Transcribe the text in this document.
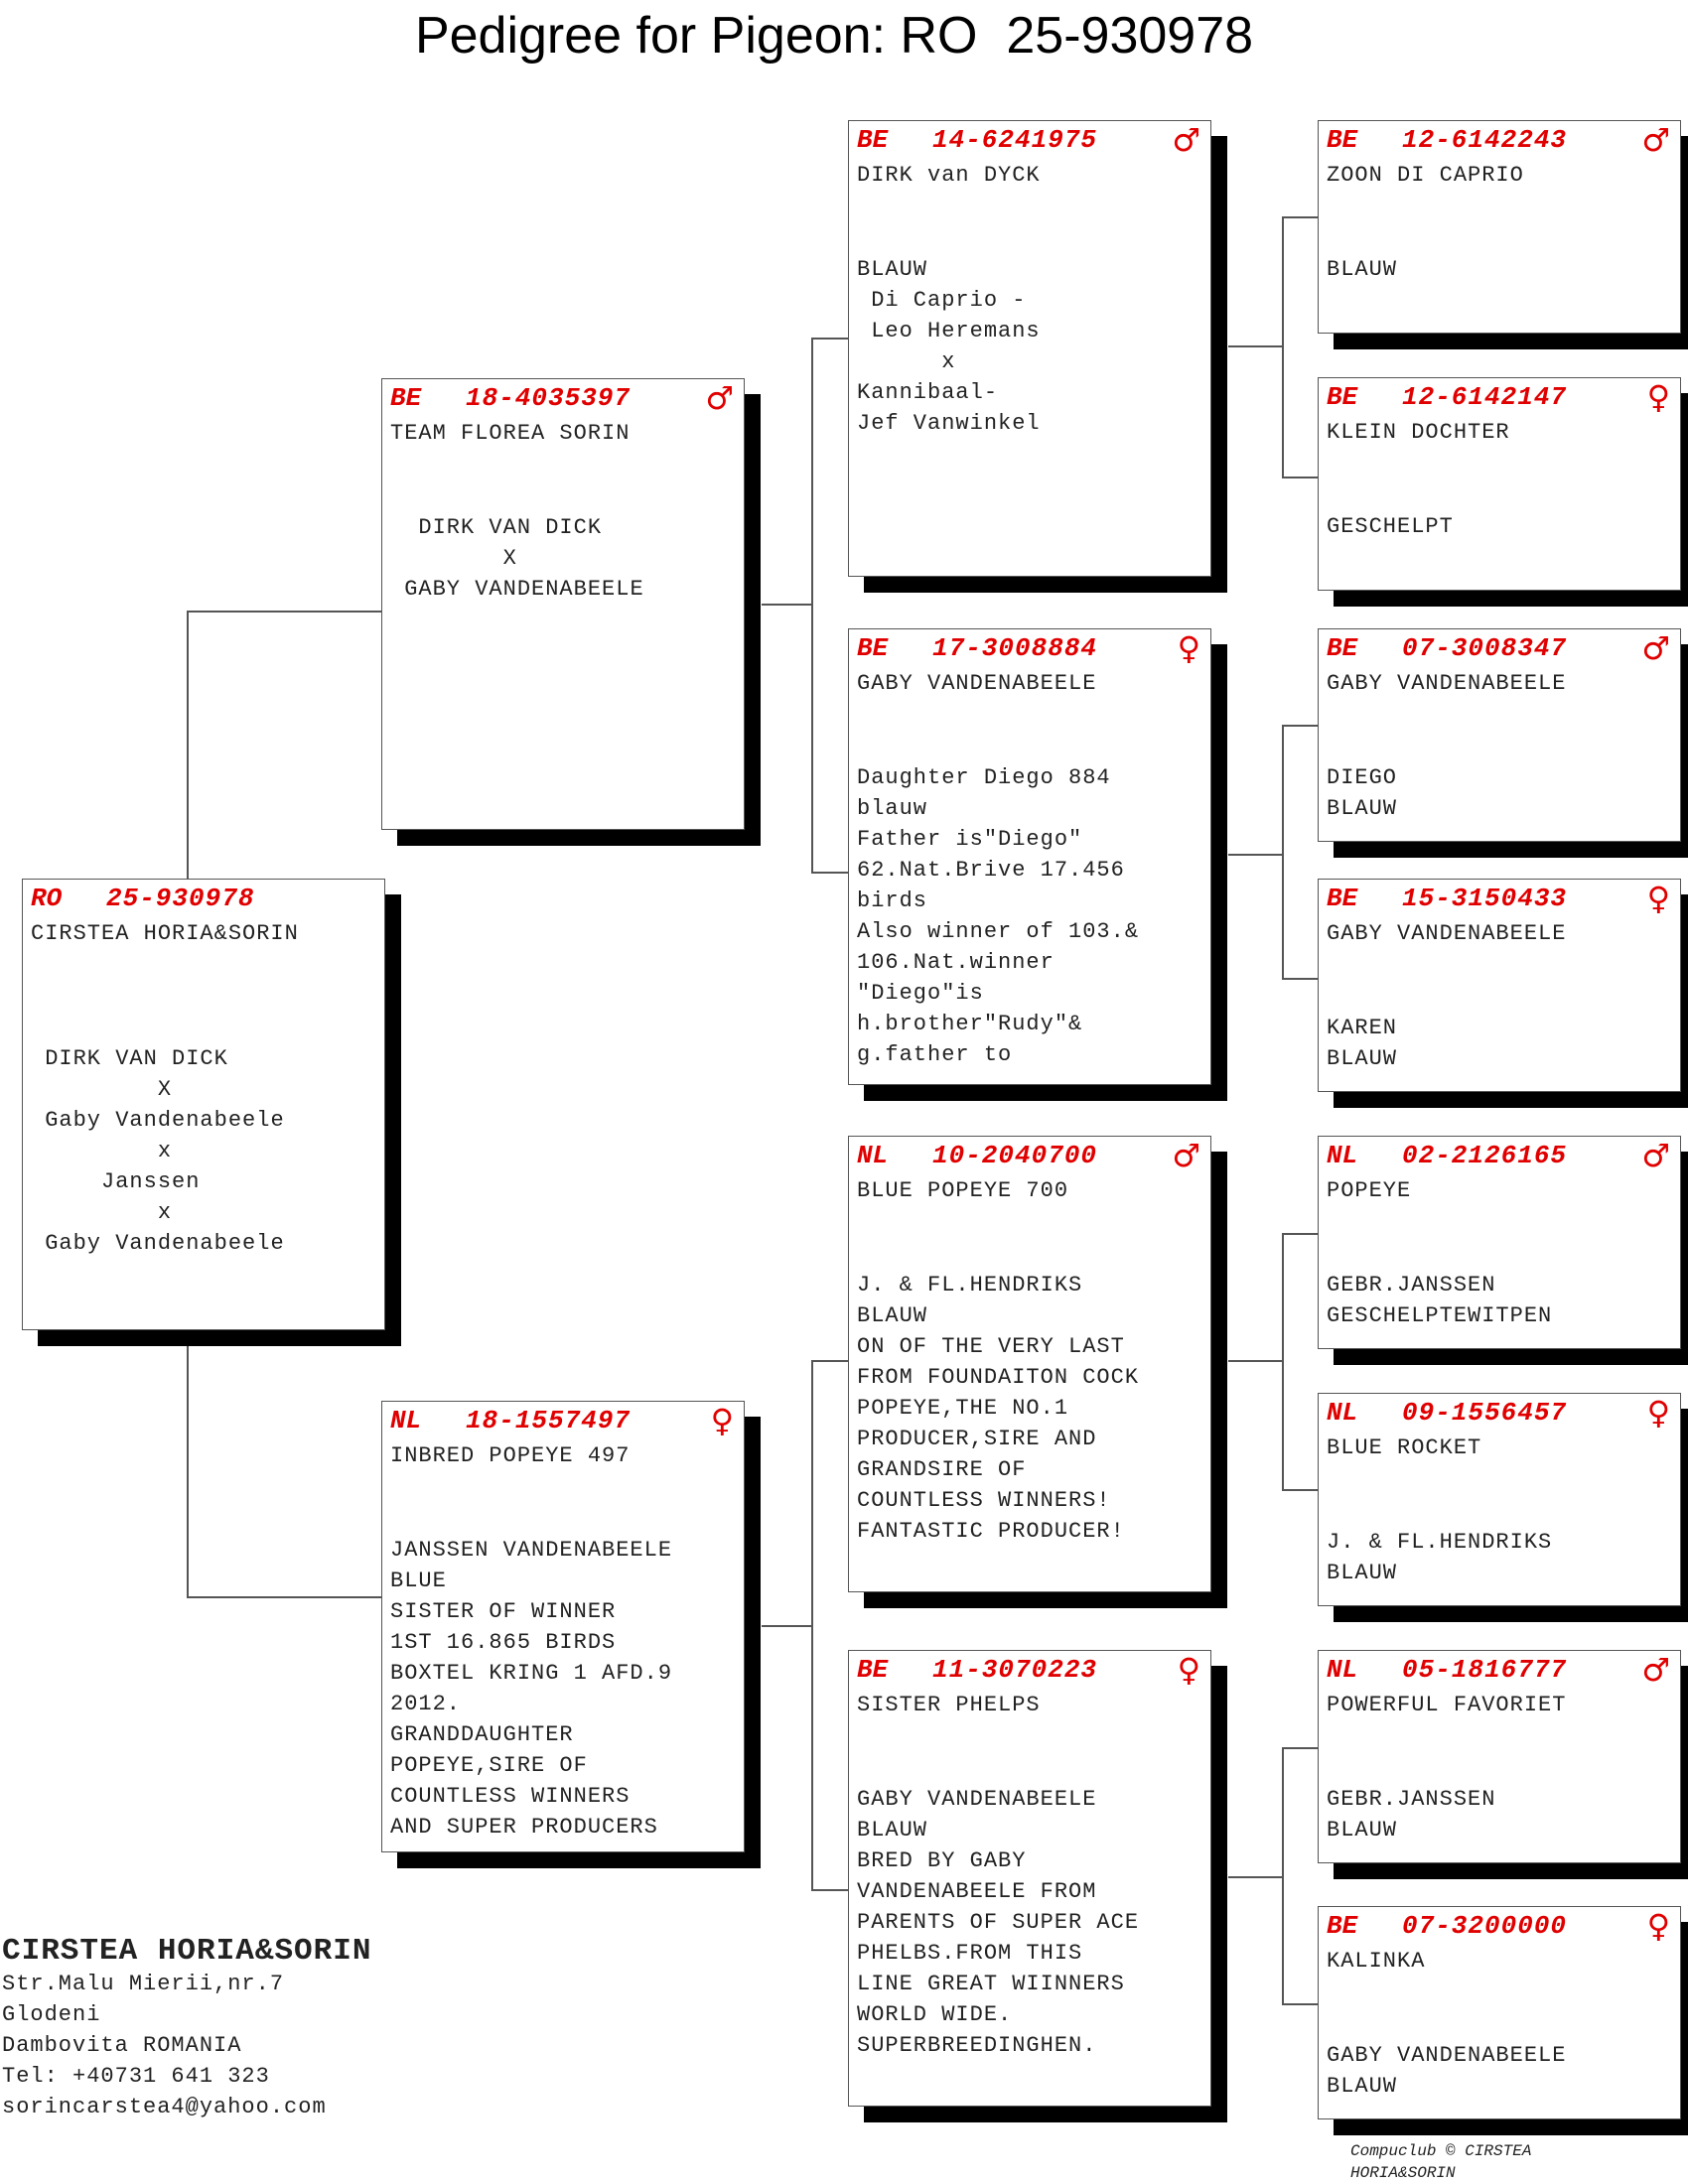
Pedigree for Pigeon: RO  25-930978
RO 25-930978
CIRSTEA HORIA&SORIN

DIRK VAN DICK
X
Gaby Vandenabeele
x
Janssen
x
Gaby Vandenabeele
BE 18-4035397 ♂
TEAM FLOREA SORIN
DIRK VAN DICK
X
GABY VANDENABEELE
NL 18-1557497	♀
INBRED POPEYE 497
JANSSEN VANDENABEELE
BLUE
SISTER OF WINNER
1ST 16.865 BIRDS
BOXTEL KRING 1 AFD.9
2012.
GRANDDAUGHTER
POPEYE,SIRE OF
COUNTLESS WINNERS
AND SUPER PRODUCERS
BE 14-6241975 ♂
DIRK van DYCK
BLAUW
Di Caprio -
Leo Heremans
x
Kannibaal-
Jef Vanwinkel
BE 17-3008884	♀
GABY VANDENABEELE
Daughter Diego 884
blauw
Father is"Diego"
62.Nat.Brive 17.456
birds
Also winner of 103.&
106.Nat.winner
"Diego"is
h.brother"Rudy"&
g.father to
NL 10-2040700 ♂
BLUE POPEYE 700
J. & FL.HENDRIKS
BLAUW
ON OF THE VERY LAST
FROM FOUNDAITON COCK
POPEYE,THE NO.1
PRODUCER,SIRE AND
GRANDSIRE OF
COUNTLESS WINNERS!
FANTASTIC PRODUCER!
BE 11-3070223	♀
SISTER PHELPS
GABY VANDENABEELE
BLAUW
BRED BY GABY
VANDENABEELE FROM
PARENTS OF SUPER ACE
PHELBS.FROM THIS
LINE GREAT WIINNERS
WORLD WIDE.
SUPERBREEDINGHEN.
BE 12-6142243 ♂
ZOON DI CAPRIO
BLAUW
BE 12-6142147	♀
KLEIN DOCHTER
GESCHELPT
BE 07-3008347 ♂
GABY VANDENABEELE
DIEGO
BLAUW
BE 15-3150433	♀
GABY VANDENABEELE
KAREN
BLAUW
NL 02-2126165 ♂
POPEYE
GEBR.JANSSEN
GESCHELPTEWITPEN
NL 09-1556457	♀
BLUE ROCKET
J. & FL.HENDRIKS
BLAUW
NL 05-1816777 ♂
POWERFUL FAVORIET
GEBR.JANSSEN
BLAUW
BE 07-3200000	♀
KALINKA
GABY VANDENABEELE
BLAUW
CIRSTEA HORIA&SORIN
Str.Malu Mierii,nr.7
Glodeni
Dambovita ROMANIA
Tel: +40731 641 323
sorincarstea4@yahoo.com
Compuclub © CIRSTEA
HORIA&SORIN
